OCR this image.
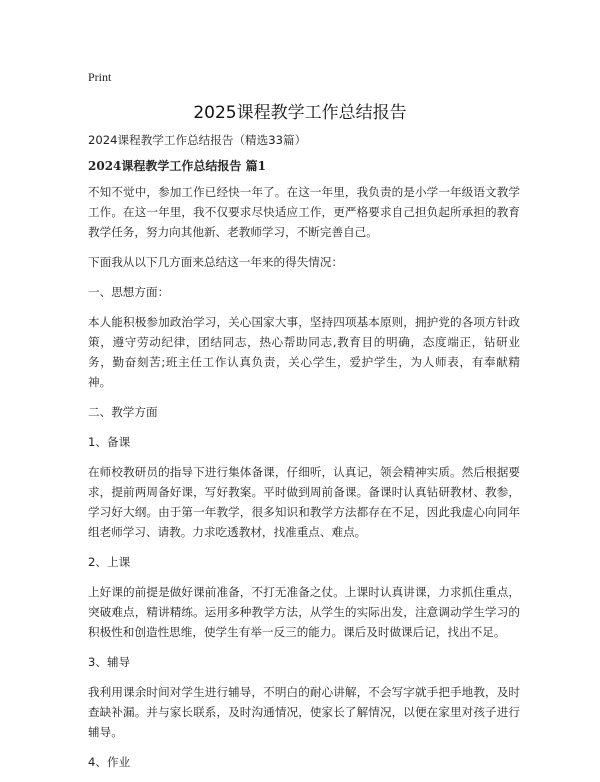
Print
2025课程教学工作总结报告

2024课程教学工作总结报告（精选33篇）

2024课程教学工作总结报告 篇1

不知不觉中，参加工作已经快一年了。在这一年里，我负责的是小学一年级语文教学工作。在这一年里，我不仅要求尽快适应工作，更严格要求自己担负起所承担的教育教学任务，努力向其他新、老教师学习，不断完善自己。

下面我从以下几方面来总结这一年来的得失情况：

一、思想方面：

本人能积极参加政治学习，关心国家大事，坚持四项基本原则，拥护党的各项方针政策，遵守劳动纪律，团结同志，热心帮助同志,教育目的明确，态度端正，钻研业务，勤奋刻苦;班主任工作认真负责，关心学生，爱护学生，为人师表，有奉献精神。

二、教学方面

1、备课

在师校教研员的指导下进行集体备课，仔细听，认真记，领会精神实质。然后根据要求，提前两周备好课，写好教案。平时做到周前备课。备课时认真钻研教材、教参，学习好大纲。由于第一年教学，很多知识和教学方法都存在不足，因此我虚心向同年组老师学习、请教。力求吃透教材，找准重点、难点。

2、上课

上好课的前提是做好课前准备，不打无准备之仗。上课时认真讲课，力求抓住重点，突破难点，精讲精练。运用多种教学方法，从学生的实际出发，注意调动学生学习的积极性和创造性思维，使学生有举一反三的能力。课后及时做课后记，找出不足。

3、辅导

我利用课余时间对学生进行辅导，不明白的耐心讲解，不会写字就手把手地教，及时查缺补漏。并与家长联系，及时沟通情况，使家长了解情况，以便在家里对孩子进行辅导。

4、作业
